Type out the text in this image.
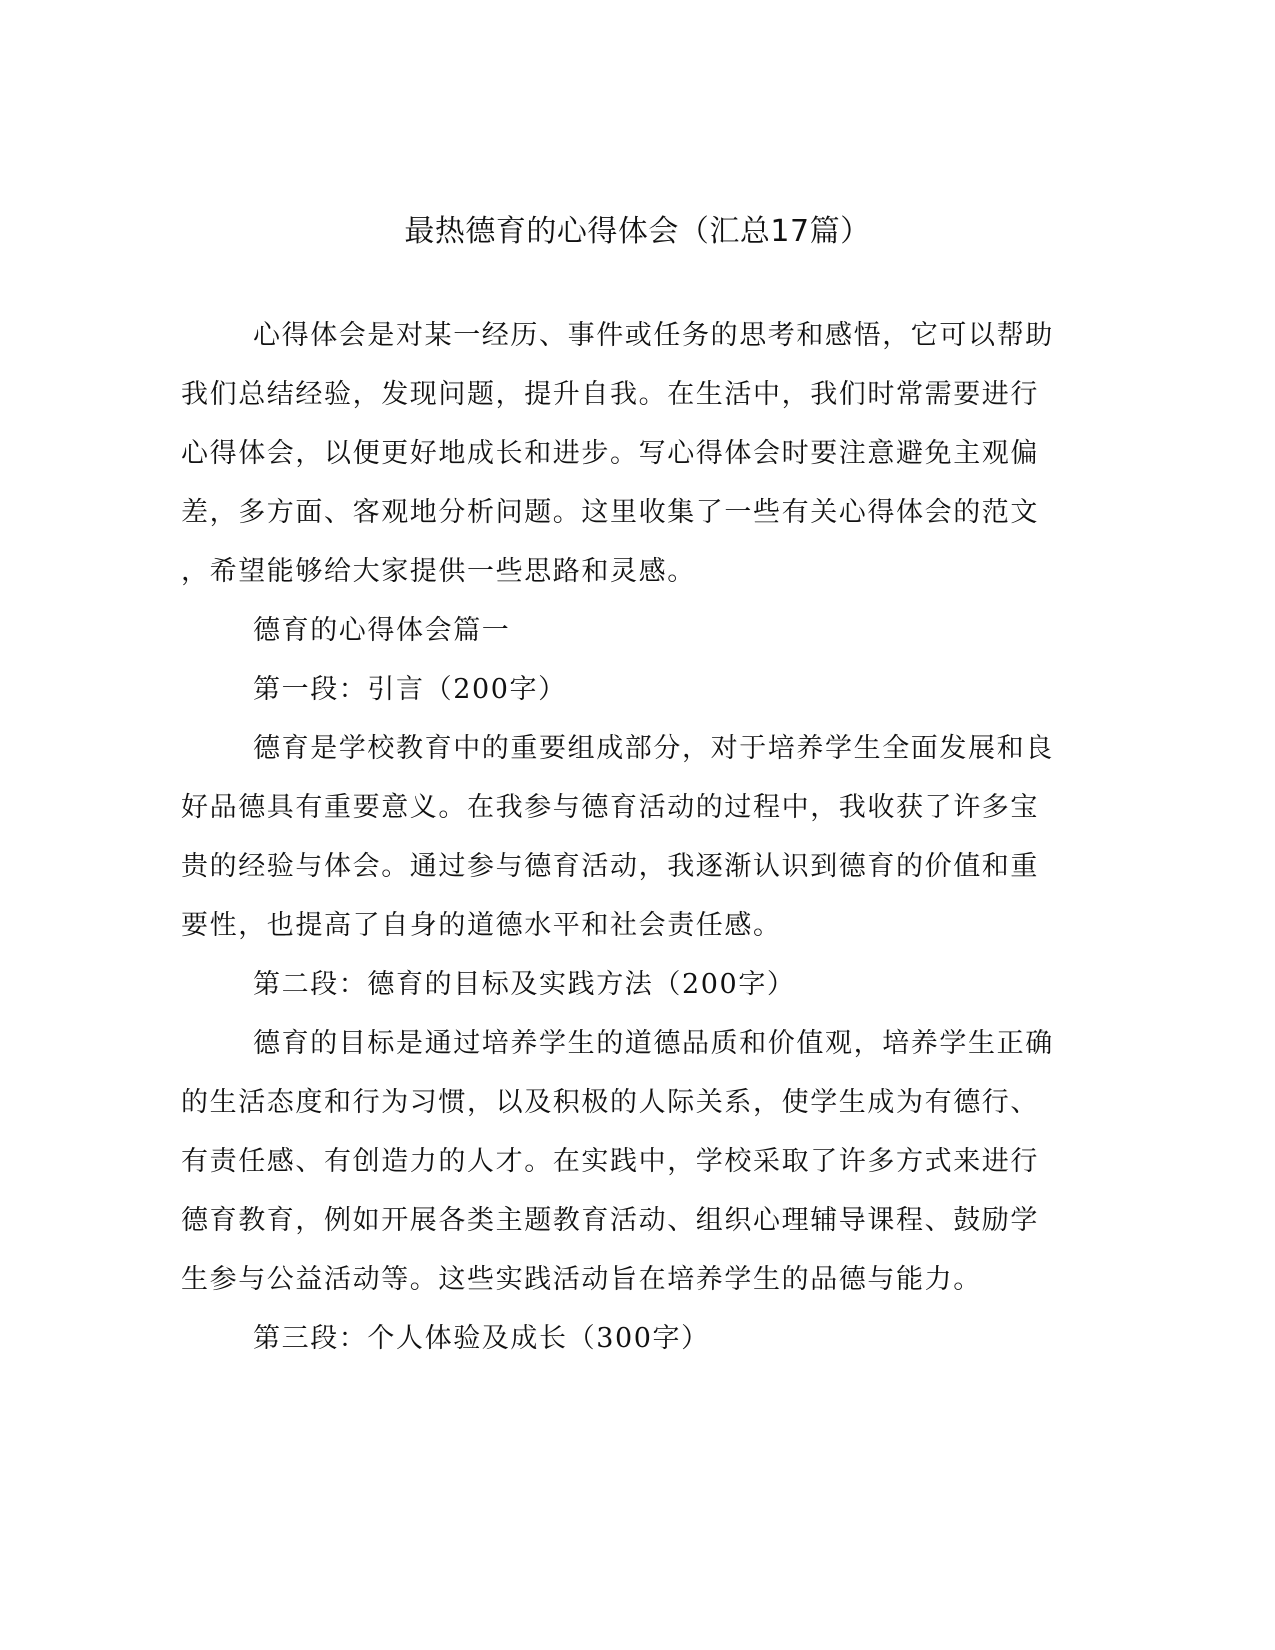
最热德育的心得体会（汇总17篇）
心得体会是对某一经历、事件或任务的思考和感悟，它可以帮助
我们总结经验，发现问题，提升自我。在生活中，我们时常需要进行
心得体会，以便更好地成长和进步。写心得体会时要注意避免主观偏
差，多方面、客观地分析问题。这里收集了一些有关心得体会的范文
，希望能够给大家提供一些思路和灵感。
德育的心得体会篇一
第一段：引言（200字）
德育是学校教育中的重要组成部分，对于培养学生全面发展和良
好品德具有重要意义。在我参与德育活动的过程中，我收获了许多宝
贵的经验与体会。通过参与德育活动，我逐渐认识到德育的价值和重
要性，也提高了自身的道德水平和社会责任感。
第二段：德育的目标及实践方法（200字）
德育的目标是通过培养学生的道德品质和价值观，培养学生正确
的生活态度和行为习惯，以及积极的人际关系，使学生成为有德行、
有责任感、有创造力的人才。在实践中，学校采取了许多方式来进行
德育教育，例如开展各类主题教育活动、组织心理辅导课程、鼓励学
生参与公益活动等。这些实践活动旨在培养学生的品德与能力。
第三段：个人体验及成长（300字）
